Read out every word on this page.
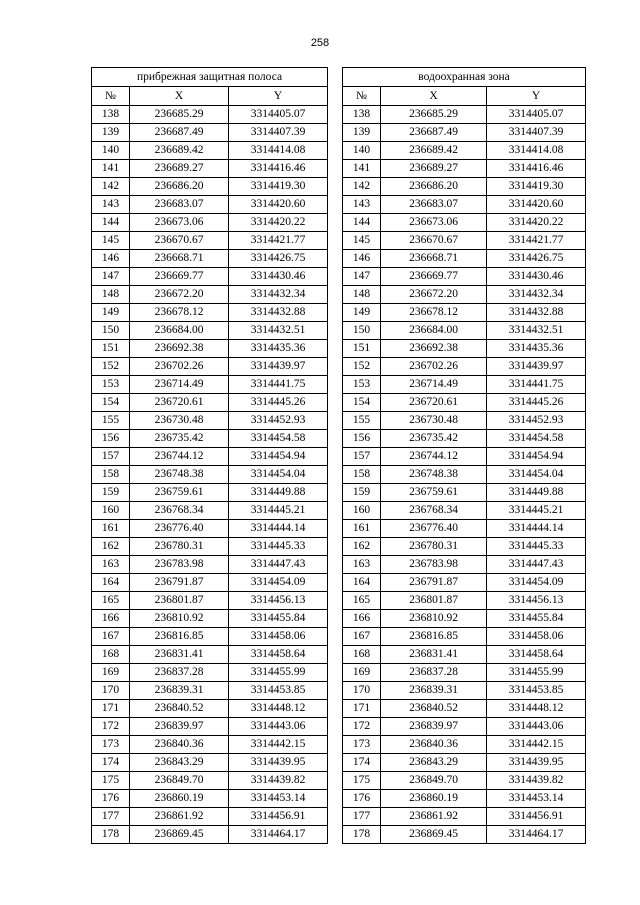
258
прибрежная защитная полоса		
№	X	Y
138	236685.29	3314405.07
139	236687.49	3314407.39
140	236689.42	3314414.08
141	236689.27	3314416.46
142	236686.20	3314419.30
143	236683.07	3314420.60
144	236673.06	3314420.22
145	236670.67	3314421.77
146	236668.71	3314426.75
147	236669.77	3314430.46
148	236672.20	3314432.34
149	236678.12	3314432.88
150	236684.00	3314432.51
151	236692.38	3314435.36
152	236702.26	3314439.97
153	236714.49	3314441.75
154	236720.61	3314445.26
155	236730.48	3314452.93
156	236735.42	3314454.58
157	236744.12	3314454.94
158	236748.38	3314454.04
159	236759.61	3314449.88
160	236768.34	3314445.21
161	236776.40	3314444.14
162	236780.31	3314445.33
163	236783.98	3314447.43
164	236791.87	3314454.09
165	236801.87	3314456.13
166	236810.92	3314455.84
167	236816.85	3314458.06
168	236831.41	3314458.64
169	236837.28	3314455.99
170	236839.31	3314453.85
171	236840.52	3314448.12
172	236839.97	3314443.06
173	236840.36	3314442.15
174	236843.29	3314439.95
175	236849.70	3314439.82
176	236860.19	3314453.14
177	236861.92	3314456.91
178	236869.45	3314464.17
водоохранная зона		
№	X	Y
138	236685.29	3314405.07
139	236687.49	3314407.39
140	236689.42	3314414.08
141	236689.27	3314416.46
142	236686.20	3314419.30
143	236683.07	3314420.60
144	236673.06	3314420.22
145	236670.67	3314421.77
146	236668.71	3314426.75
147	236669.77	3314430.46
148	236672.20	3314432.34
149	236678.12	3314432.88
150	236684.00	3314432.51
151	236692.38	3314435.36
152	236702.26	3314439.97
153	236714.49	3314441.75
154	236720.61	3314445.26
155	236730.48	3314452.93
156	236735.42	3314454.58
157	236744.12	3314454.94
158	236748.38	3314454.04
159	236759.61	3314449.88
160	236768.34	3314445.21
161	236776.40	3314444.14
162	236780.31	3314445.33
163	236783.98	3314447.43
164	236791.87	3314454.09
165	236801.87	3314456.13
166	236810.92	3314455.84
167	236816.85	3314458.06
168	236831.41	3314458.64
169	236837.28	3314455.99
170	236839.31	3314453.85
171	236840.52	3314448.12
172	236839.97	3314443.06
173	236840.36	3314442.15
174	236843.29	3314439.95
175	236849.70	3314439.82
176	236860.19	3314453.14
177	236861.92	3314456.91
178	236869.45	3314464.17
